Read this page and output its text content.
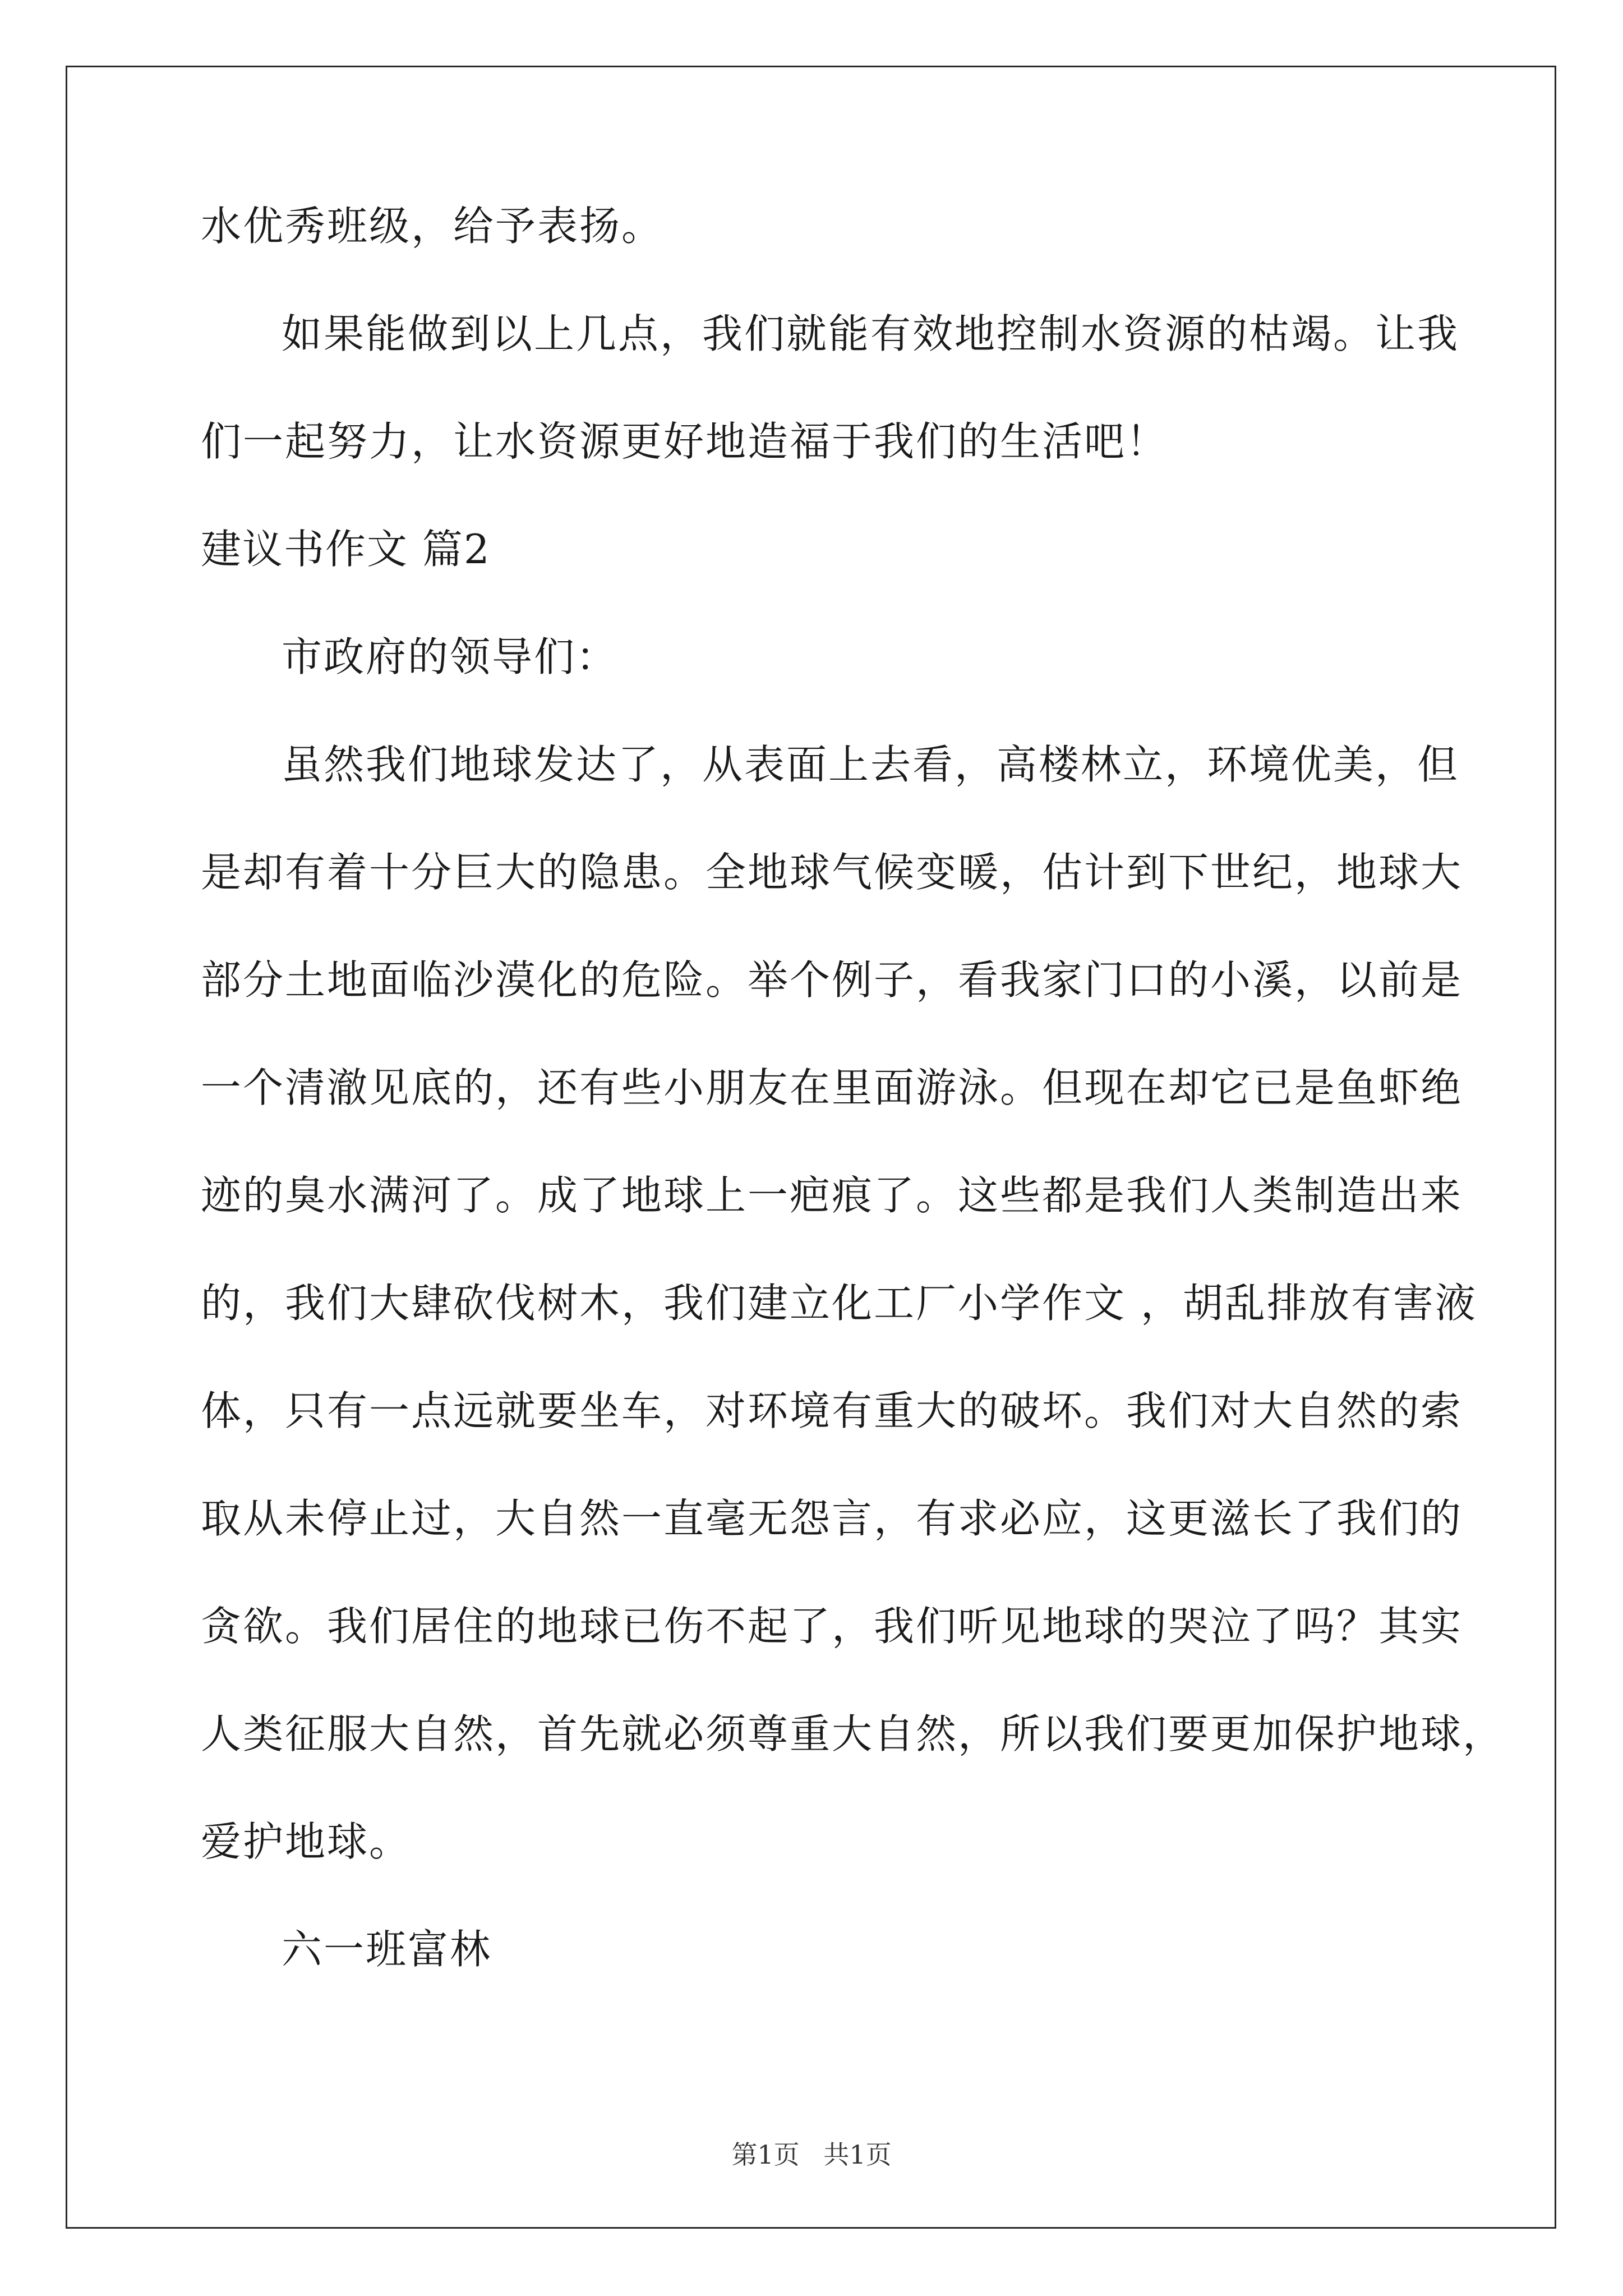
水优秀班级，给予表扬。
如果能做到以上几点，我们就能有效地控制水资源的枯竭。让我
们一起努力，让水资源更好地造福于我们的生活吧！
建议书作文 篇2
市政府的领导们：
虽然我们地球发达了，从表面上去看，高楼林立，环境优美，但
是却有着十分巨大的隐患。全地球气候变暖，估计到下世纪，地球大
部分土地面临沙漠化的危险。举个例子，看我家门口的小溪，以前是
一个清澈见底的，还有些小朋友在里面游泳。但现在却它已是鱼虾绝
迹的臭水满河了。成了地球上一疤痕了。这些都是我们人类制造出来
的，我们大肆砍伐树木，我们建立化工厂小学作文 ，胡乱排放有害液
体，只有一点远就要坐车，对环境有重大的破坏。我们对大自然的索
取从未停止过，大自然一直毫无怨言，有求必应，这更滋长了我们的
贪欲。我们居住的地球已伤不起了，我们听见地球的哭泣了吗？其实
人类征服大自然，首先就必须尊重大自然，所以我们要更加保护地球，
爱护地球。
六一班富林
第1页 共1页
